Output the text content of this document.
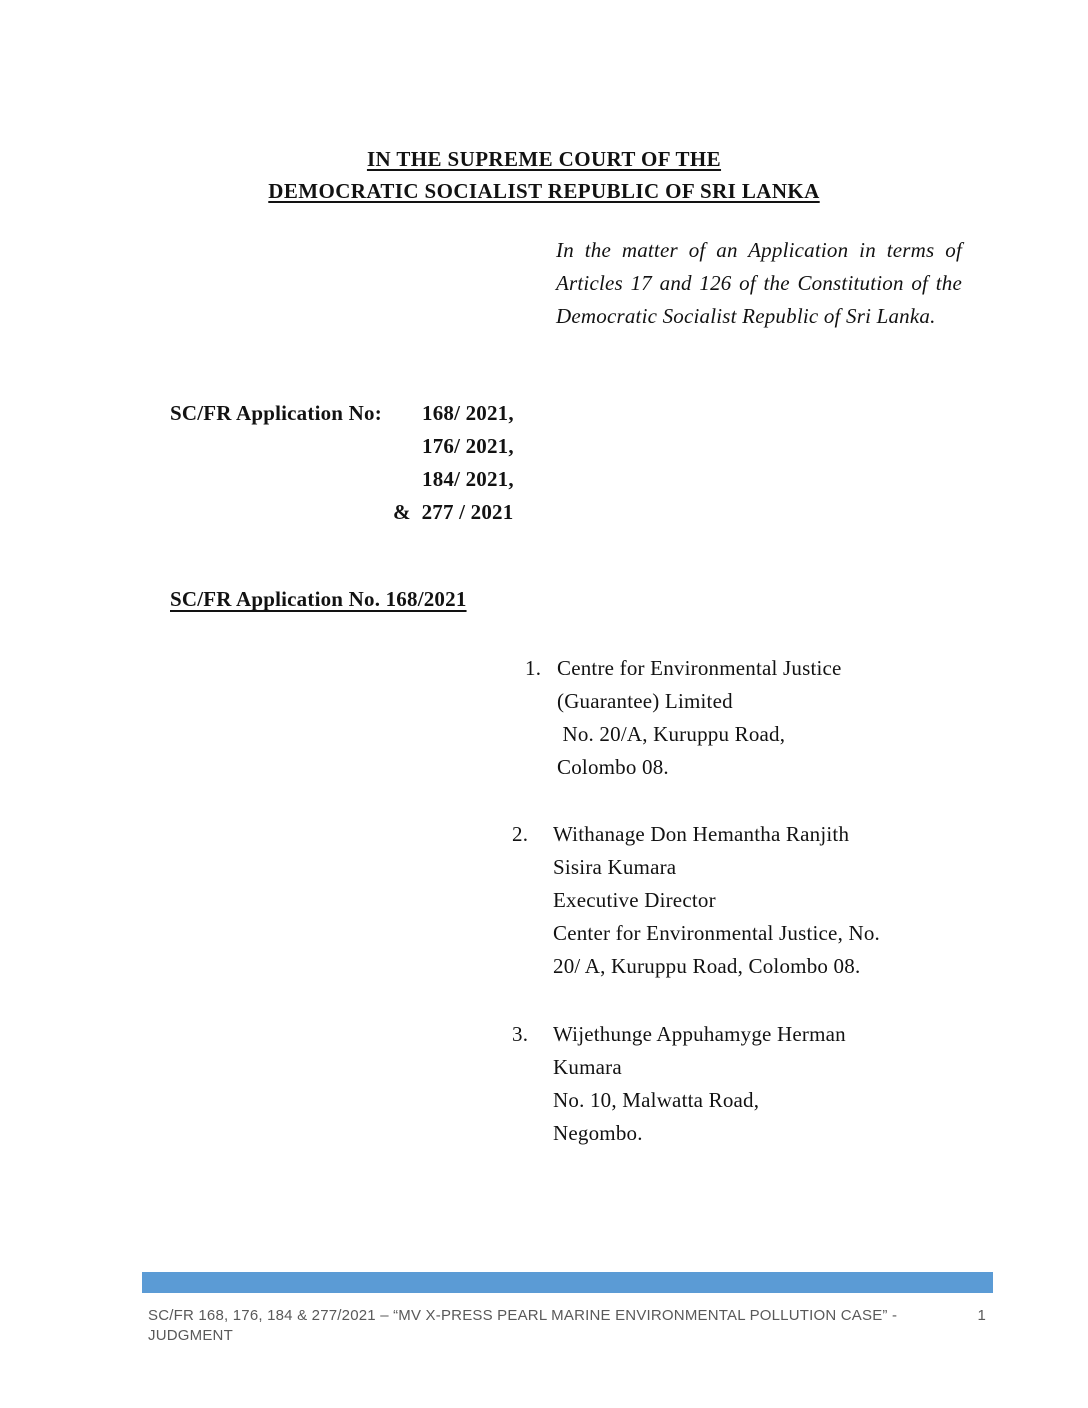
IN THE SUPREME COURT OF THE
DEMOCRATIC SOCIALIST REPUBLIC OF SRI LANKA
In the matter of an Application in terms of Articles 17 and 126 of the Constitution of the Democratic Socialist Republic of Sri Lanka.
SC/FR Application No: 168/ 2021,
176/ 2021,
184/ 2021,
&  277 / 2021
SC/FR Application No. 168/2021
1. Centre for Environmental Justice
(Guarantee) Limited
No. 20/A, Kuruppu Road,
Colombo 08.
2.	Withanage Don Hemantha Ranjith
Sisira Kumara
Executive Director
Center for Environmental Justice, No.
20/ A, Kuruppu Road, Colombo 08.
3.	Wijethunge Appuhamyge Herman
Kumara
No. 10, Malwatta Road,
Negombo.
SC/FR 168, 176, 184 & 277/2021 – “MV X-PRESS PEARL MARINE ENVIRONMENTAL POLLUTION CASE” - JUDGMENT
1
